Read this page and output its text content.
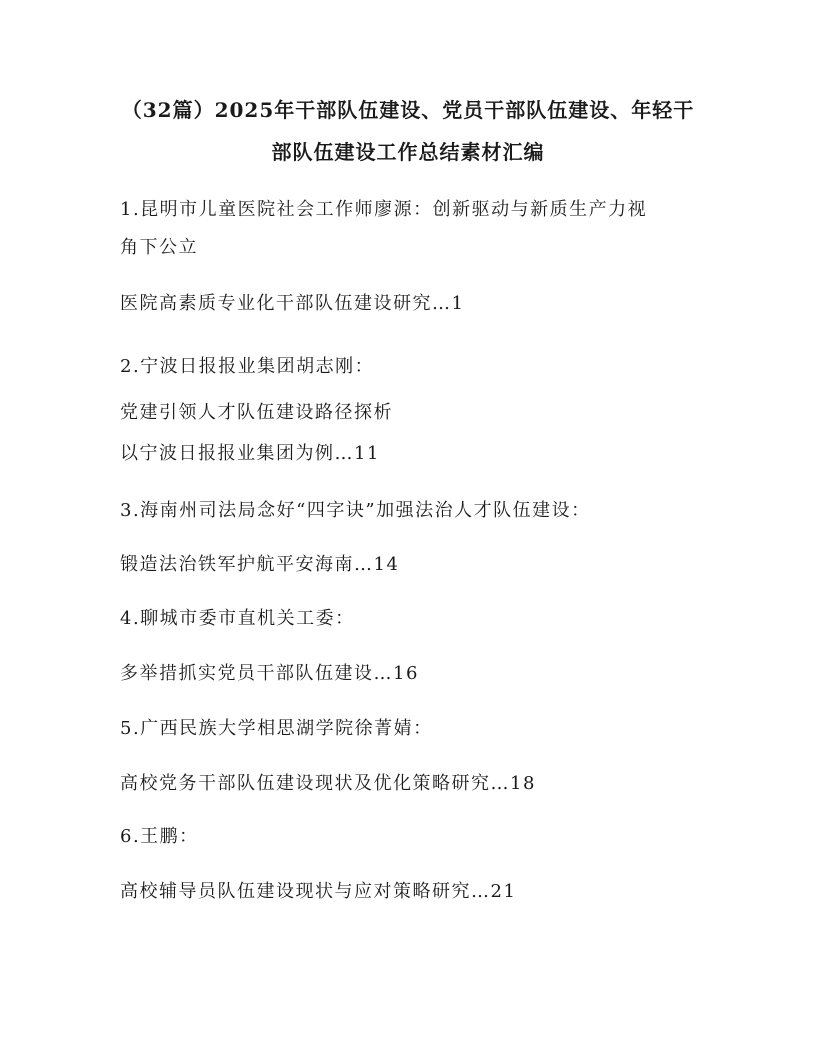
（32篇）2025年干部队伍建设、党员干部队伍建设、年轻干
部队伍建设工作总结素材汇编
1.昆明市儿童医院社会工作师廖源：创新驱动与新质生产力视
角下公立
医院高素质专业化干部队伍建设研究…1
2.宁波日报报业集团胡志刚：
党建引领人才队伍建设路径探析
以宁波日报报业集团为例…11
3.海南州司法局念好“四字诀”加强法治人才队伍建设：
锻造法治铁军护航平安海南…14
4.聊城市委市直机关工委：
多举措抓实党员干部队伍建设…16
5.广西民族大学相思湖学院徐菁婧：
高校党务干部队伍建设现状及优化策略研究…18
6.王鹏：
高校辅导员队伍建设现状与应对策略研究…21
